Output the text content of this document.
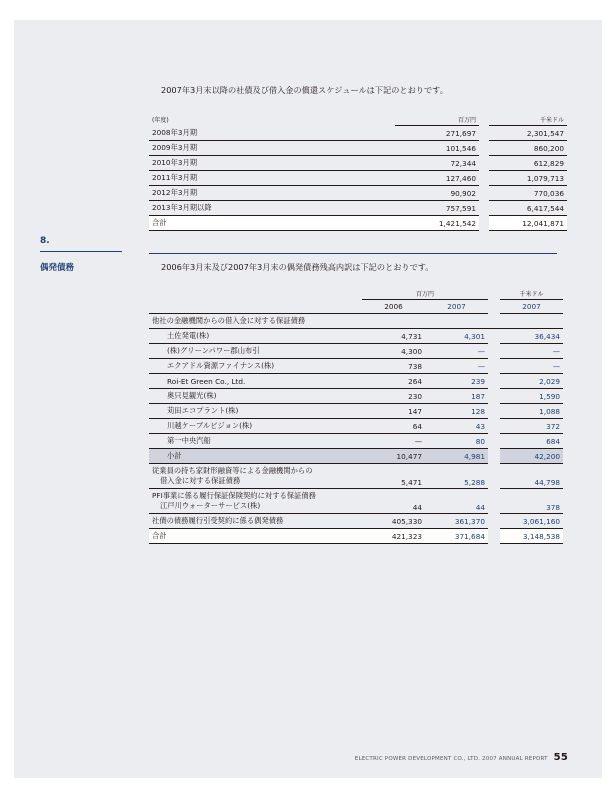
2007年3月末以降の社債及び借入金の償還スケジュールは下記のとおりです。
(年度)	百万円		千米ドル
2008年3月期	271,697		2,301,547
2009年3月期	101,546		860,200
2010年3月期	72,344		612,829
2011年3月期	127,460		1,079,713
2012年3月期	90,902		770,036
2013年3月期以降	757,591		6,417,544
合計	1,421,542		12,041,871
8.
偶発債務	2006年3月末及び2007年3月末の偶発債務残高内訳は下記のとおりです。
	百万円			千米ドル
	2006	2007		2007
他社の金融機関からの借入金に対する保証債務				
土佐発電(株)	4,731	4,301		36,434
(株)グリーンパワー郡山布引	4,300	—		—
エクアドル資源ファイナンス(株)	738	—		—
Roi-Et Green Co., Ltd.	264	239		2,029
奥只見観光(株)	230	187		1,590
苅田エコプラント(株)	147	128		1,088
川越ケーブルビジョン(株)	64	43		372
第一中央汽船	—	80		684
小計	10,477	4,981		42,200

従業員の持ち家財形融資等による金融機関からの
借入金に対する保証債務	5,471	5,288		44,798

PFI事業に係る履行保証保険契約に対する保証債務
江戸川ウォーターサービス(株)	44	44		378
社債の債務履行引受契約に係る偶発債務	405,330	361,370		3,061,160
合計	421,323	371,684		3,148,538
ELECTRIC POWER DEVELOPMENT CO., LTD. 2007 ANNUAL REPORT 55
